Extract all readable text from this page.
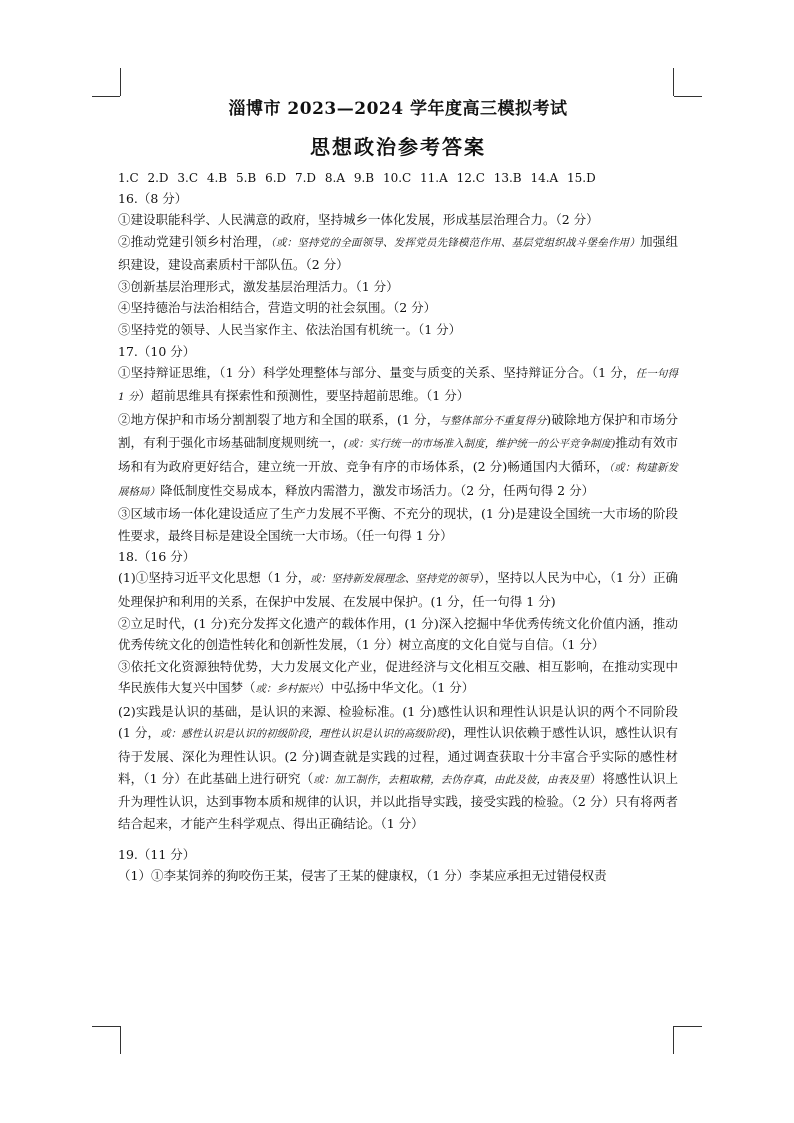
淄博市 2023—2024 学年度高三模拟考试
思想政治参考答案
1.C 2.D 3.C 4.B 5.B 6.D 7.D 8.A 9.B 10.C 11.A 12.C 13.B 14.A 15.D
16.（8 分）

①建设职能科学、人民满意的政府，坚持城乡一体化发展，形成基层治理合力。（2 分）

②推动党建引领乡村治理，（或：坚持党的全面领导、发挥党员先锋模范作用、基层党组织战斗堡垒作用）加强组织建设，建设高素质村干部队伍。（2 分）

③创新基层治理形式，激发基层治理活力。（1 分）

④坚持德治与法治相结合，营造文明的社会氛围。（2 分）

⑤坚持党的领导、人民当家作主、依法治国有机统一。（1 分）

17.（10 分）

①坚持辩证思维，（1 分）科学处理整体与部分、量变与质变的关系、坚持辩证分合。（1 分，任一句得 1 分）超前思维具有探索性和预测性，要坚持超前思维。（1 分）

②地方保护和市场分割割裂了地方和全国的联系，(1 分，与整体部分不重复得分)破除地方保护和市场分割，有利于强化市场基础制度规则统一，(或：实行统一的市场准入制度，维护统一的公平竞争制度)推动有效市场和有为政府更好结合，建立统一开放、竞争有序的市场体系，(2 分)畅通国内大循环，（或：构建新发展格局）降低制度性交易成本，释放内需潜力，激发市场活力。（2 分，任两句得 2 分）

③区域市场一体化建设适应了生产力发展不平衡、不充分的现状，(1 分)是建设全国统一大市场的阶段性要求，最终目标是建设全国统一大市场。（任一句得 1 分）

18.（16 分）

(1)①坚持习近平文化思想（1 分，或：坚持新发展理念、坚持党的领导），坚持以人民为中心，（1 分）正确处理保护和利用的关系，在保护中发展、在发展中保护。(1 分，任一句得 1 分)

②立足时代，(1 分)充分发挥文化遗产的载体作用，(1 分)深入挖掘中华优秀传统文化价值内涵，推动优秀传统文化的创造性转化和创新性发展，（1 分）树立高度的文化自觉与自信。（1 分）

③依托文化资源独特优势，大力发展文化产业，促进经济与文化相互交融、相互影响，在推动实现中华民族伟大复兴中国梦（或：乡村振兴）中弘扬中华文化。（1 分）

(2)实践是认识的基础，是认识的来源、检验标准。(1 分)感性认识和理性认识是认识的两个不同阶段(1 分，或：感性认识是认识的初级阶段，理性认识是认识的高级阶段)，理性认识依赖于感性认识，感性认识有待于发展、深化为理性认识。(2 分)调查就是实践的过程，通过调查获取十分丰富合乎实际的感性材料，（1 分）在此基础上进行研究（或：加工制作，去粗取精，去伪存真，由此及彼，由表及里）将感性认识上升为理性认识，达到事物本质和规律的认识，并以此指导实践，接受实践的检验。（2 分）只有将两者结合起来，才能产生科学观点、得出正确结论。（1 分）

19.（11 分）

（1）①李某饲养的狗咬伤王某，侵害了王某的健康权，（1 分）李某应承担无过错侵权责
